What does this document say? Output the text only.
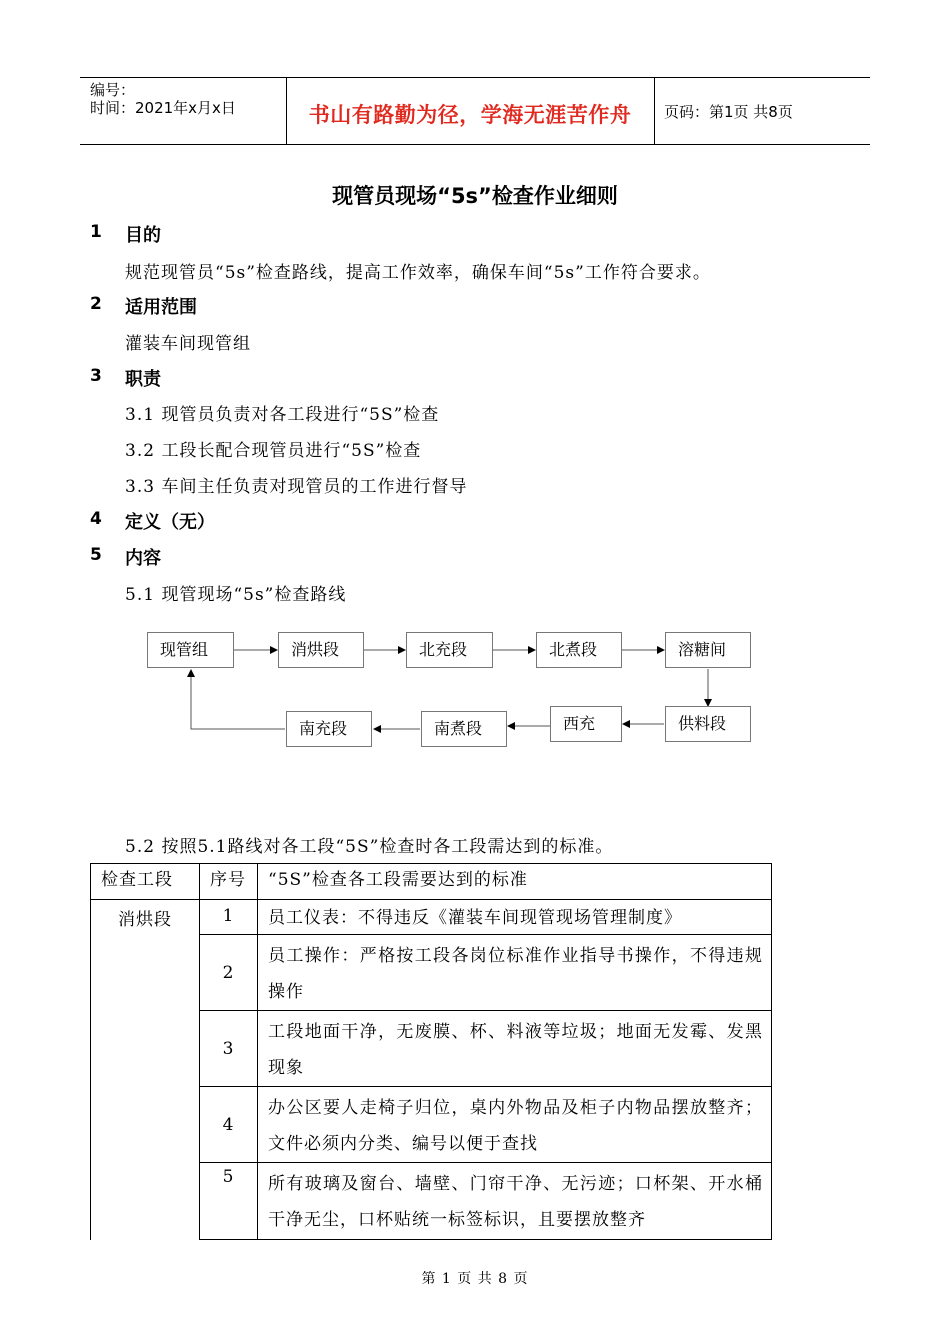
编号：
时间：2021年x月x日	书山有路勤为径，学海无涯苦作舟	页码：第1页 共8页
现管员现场“5s”检查作业细则
1 目的
规范现管员“5s”检查路线，提高工作效率，确保车间“5s”工作符合要求。
2 适用范围
灌装车间现管组
3 职责
3.1 现管员负责对各工段进行“5S”检查
3.2 工段长配合现管员进行“5S”检查
3.3 车间主任负责对现管员的工作进行督导
4 定义（无）
5 内容
5.1 现管现场“5s”检查路线
现管组	消烘段	北充段	北煮段	溶糖间
南充段	南煮段	西充	供料段
5.2 按照5.1路线对各工段“5S”检查时各工段需达到的标准。
检查工段	序号	“5S”检查各工段需要达到的标准
消烘段	1	员工仪表：不得违反《灌装车间现管现场管理制度》
	2	员工操作：严格按工段各岗位标准作业指导书操作，不得违规操作
	3	工段地面干净，无废膜、杯、料液等垃圾；地面无发霉、发黑现象
	4	办公区要人走椅子归位，桌内外物品及柜子内物品摆放整齐；文件必须内分类、编号以便于查找
	5	所有玻璃及窗台、墙壁、门帘干净、无污迹；口杯架、开水桶干净无尘，口杯贴统一标签标识，且要摆放整齐
第 1 页 共 8 页
